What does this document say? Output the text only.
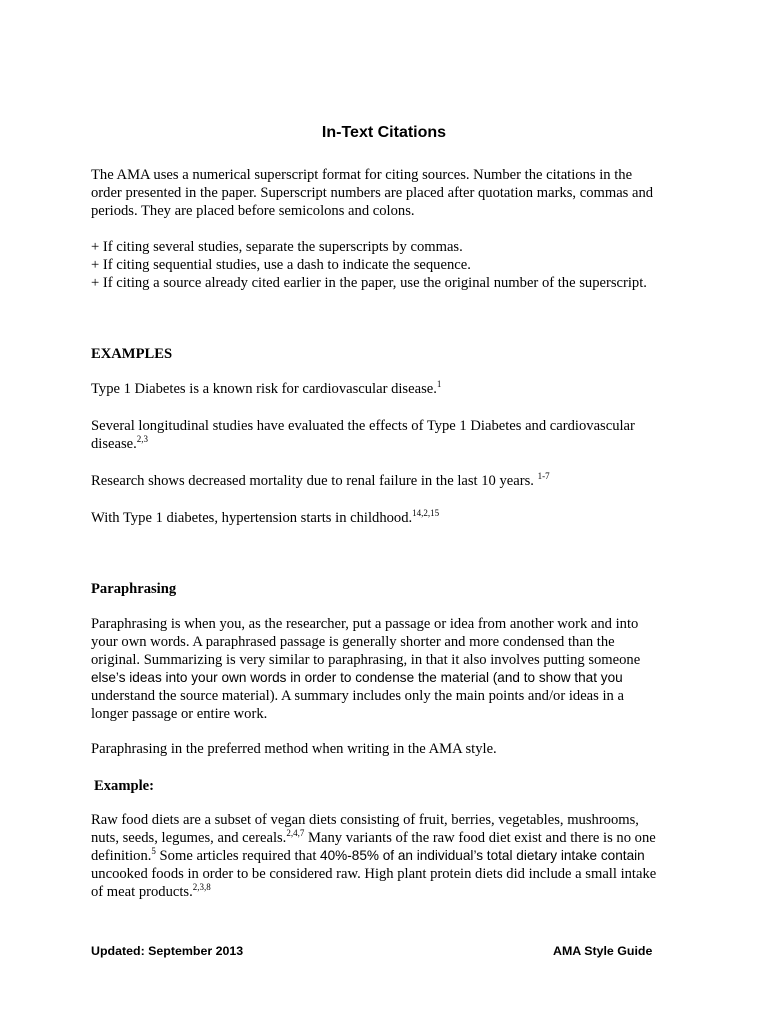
In-Text Citations

The AMA uses a numerical superscript format for citing sources. Number the citations in the
order presented in the paper. Superscript numbers are placed after quotation marks, commas and
periods. They are placed before semicolons and colons.

+ If citing several studies, separate the superscripts by commas.
+ If citing sequential studies, use a dash to indicate the sequence.
+ If citing a source already cited earlier in the paper, use the original number of the superscript.

EXAMPLES

Type 1 Diabetes is a known risk for cardiovascular disease.$^1$

Several longitudinal studies have evaluated the effects of Type 1 Diabetes and cardiovascular
disease.$^{2,3}$

Research shows decreased mortality due to renal failure in the last 10 years. $^{1-7}$

With Type 1 diabetes, hypertension starts in childhood.$^{14,2,15}$

Paraphrasing

Paraphrasing is when you, as the researcher, put a passage or idea from another work and into
your own words. A paraphrased passage is generally shorter and more condensed than the
original. Summarizing is very similar to paraphrasing, in that it also involves putting someone
else’s ideas into your own words in order to condense the material (and to show that you
understand the source material). A summary includes only the main points and/or ideas in a
longer passage or entire work.

Paraphrasing in the preferred method when writing in the AMA style.

Example:

Raw food diets are a subset of vegan diets consisting of fruit, berries, vegetables, mushrooms,
nuts, seeds, legumes, and cereals.$^{2,4,7}$ Many variants of the raw food diet exist and there is no one
definition.$^5$ Some articles required that 40%-85% of an individual’s total dietary intake contain
uncooked foods in order to be considered raw. High plant protein diets did include a small intake
of meat products.$^{2,3,8}$

Updated: September 2013	AMA Style Guide
